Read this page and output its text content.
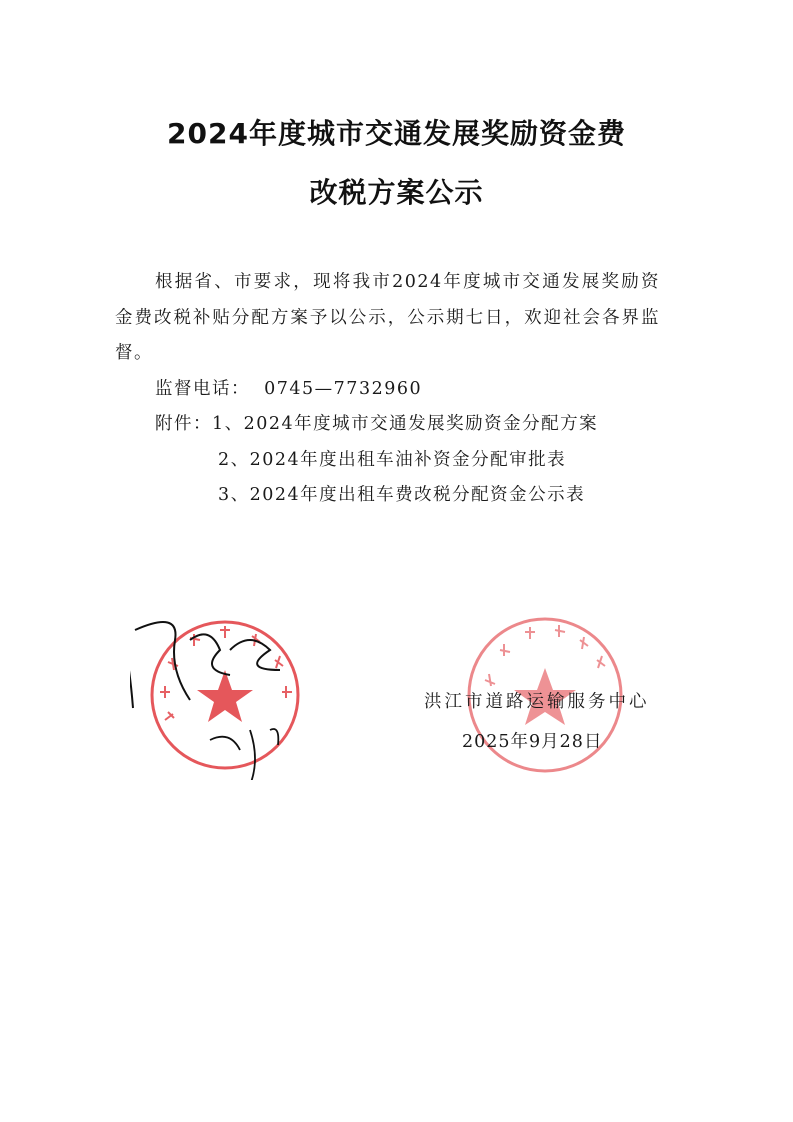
2024年度城市交通发展奖励资金费
改税方案公示

根据省、市要求，现将我市2024年度城市交通发展奖励资金费改税补贴分配方案予以公示，公示期七日，欢迎社会各界监督。

监督电话： 0745—7732960

附件：1、2024年度城市交通发展奖励资金分配方案

2、2024年度出租车油补资金分配审批表

3、2024年度出租车费改税分配资金公示表

洪江市道路运输服务中心
2025年9月28日
